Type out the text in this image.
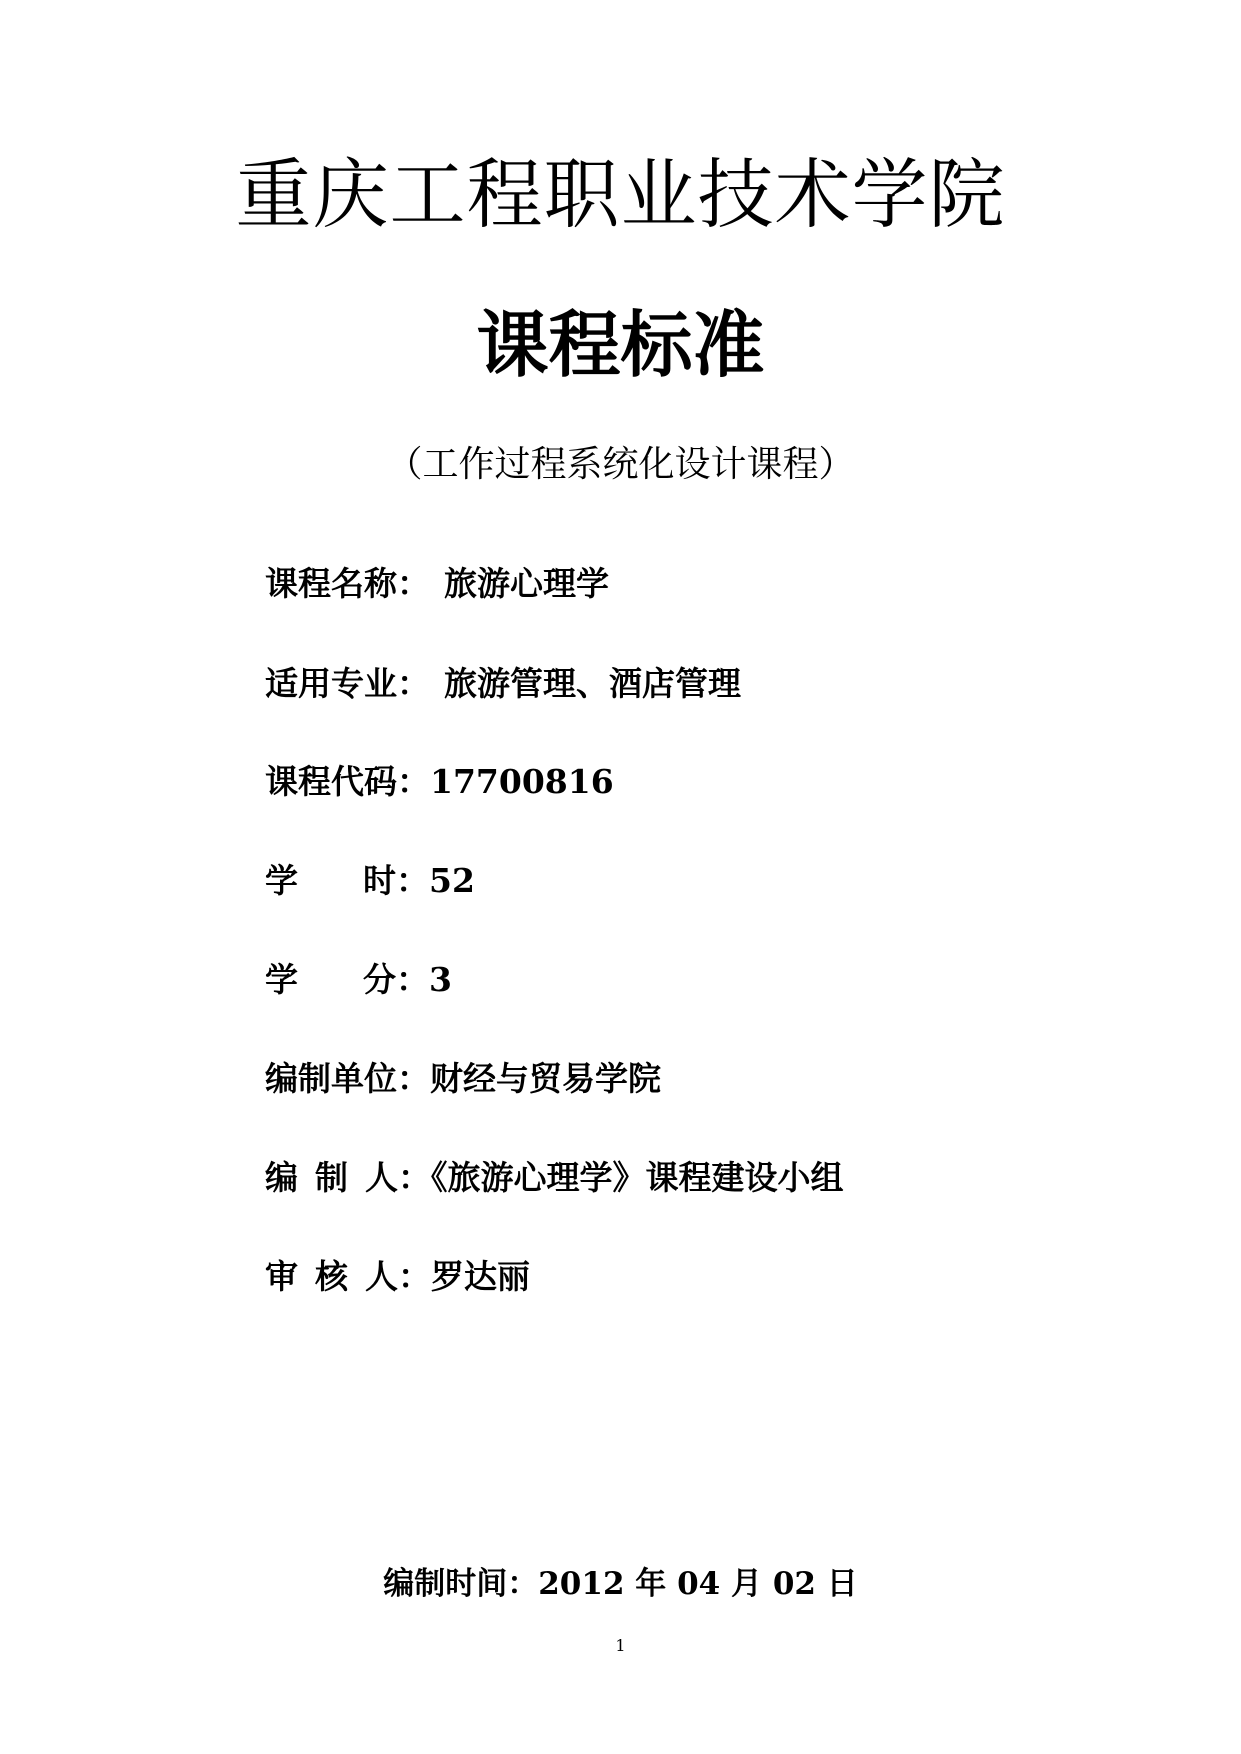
重庆工程职业技术学院
课程标准

（工作过程系统化设计课程）

课程名称： 旅游心理学
适用专业： 旅游管理、酒店管理
课程代码：17700816
学 时：52
学 分：3
编制单位：财经与贸易学院
编 制 人：《旅游心理学》课程建设小组
审 核 人：罗达丽
编制时间：2012 年 04 月 02 日
1
